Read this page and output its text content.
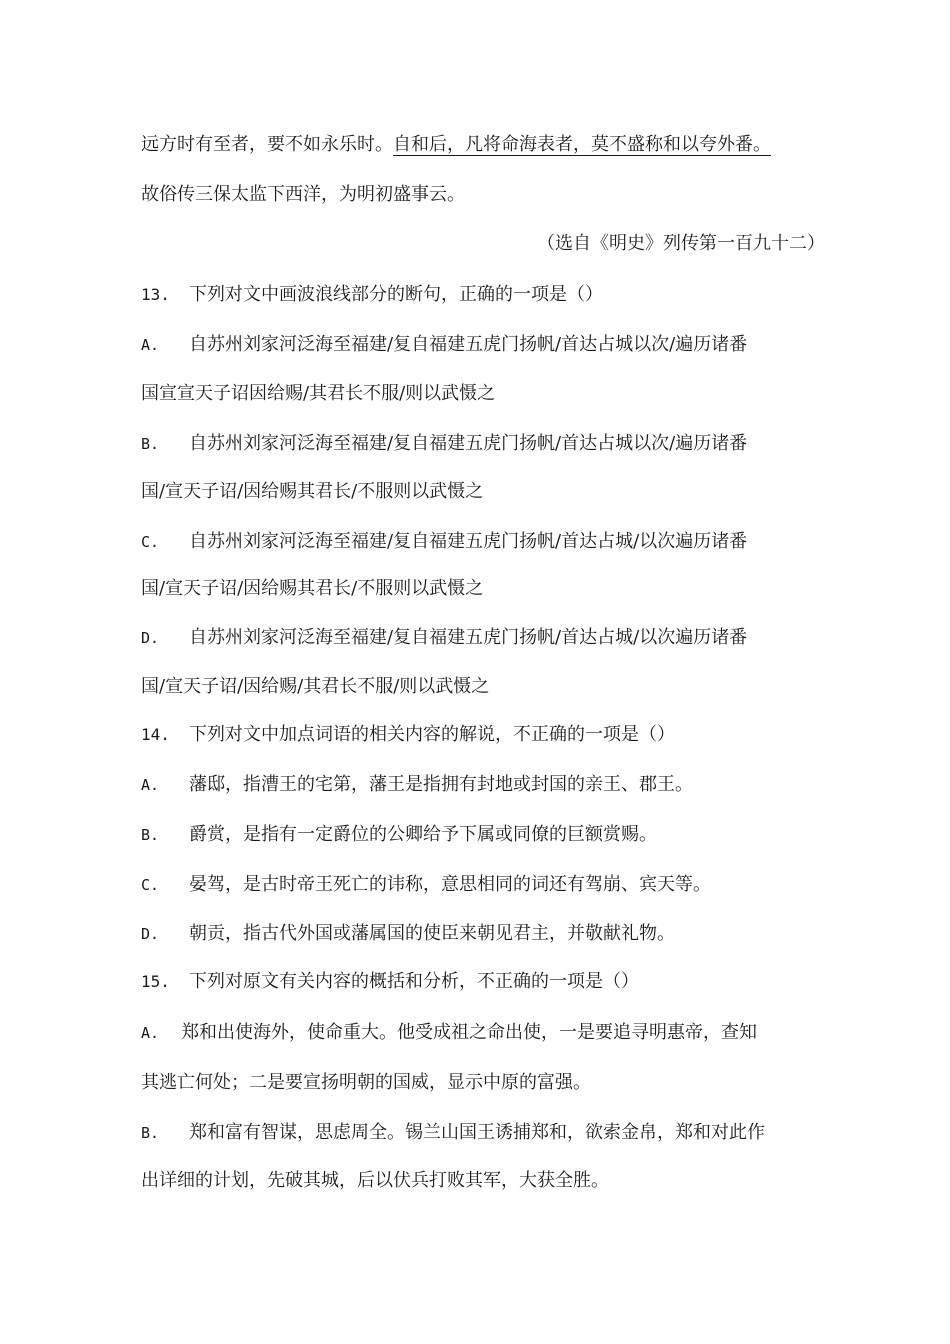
远方时有至者，要不如永乐时。自和后，凡将命海表者，莫不盛称和以夸外番。
故俗传三保太监下西洋，为明初盛事云。
（选自《明史》列传第一百九十二）
13. 下列对文中画波浪线部分的断句，正确的一项是（）
A. 自苏州刘家河泛海至福建/复自福建五虎门扬帆/首达占城以次/遍历诸番
国宣宣天子诏因给赐/其君长不服/则以武慑之
B. 自苏州刘家河泛海至福建/复自福建五虎门扬帆/首达占城以次/遍历诸番
国/宣天子诏/因给赐其君长/不服则以武慑之
C. 自苏州刘家河泛海至福建/复自福建五虎门扬帆/首达占城/以次遍历诸番
国/宣天子诏/因给赐其君长/不服则以武慑之
D. 自苏州刘家河泛海至福建/复自福建五虎门扬帆/首达占城/以次遍历诸番
国/宣天子诏/因给赐/其君长不服/则以武慑之
14. 下列对文中加点词语的相关内容的解说，不正确的一项是（）
A. 藩邸，指漕王的宅第，藩王是指拥有封地或封国的亲王、郡王。
B. 爵赏，是指有一定爵位的公卿给予下属或同僚的巨额赏赐。
C. 晏驾，是古时帝王死亡的讳称，意思相同的词还有驾崩、宾天等。
D. 朝贡，指古代外国或藩属国的使臣来朝见君主，并敬献礼物。
15. 下列对原文有关内容的概括和分析，不正确的一项是（）
A. 郑和出使海外，使命重大。他受成祖之命出使，一是要追寻明惠帝，查知
其逃亡何处；二是要宣扬明朝的国威，显示中原的富强。
B. 郑和富有智谋，思虑周全。锡兰山国王诱捕郑和，欲索金帛，郑和对此作
出详细的计划，先破其城，后以伏兵打败其军，大获全胜。
